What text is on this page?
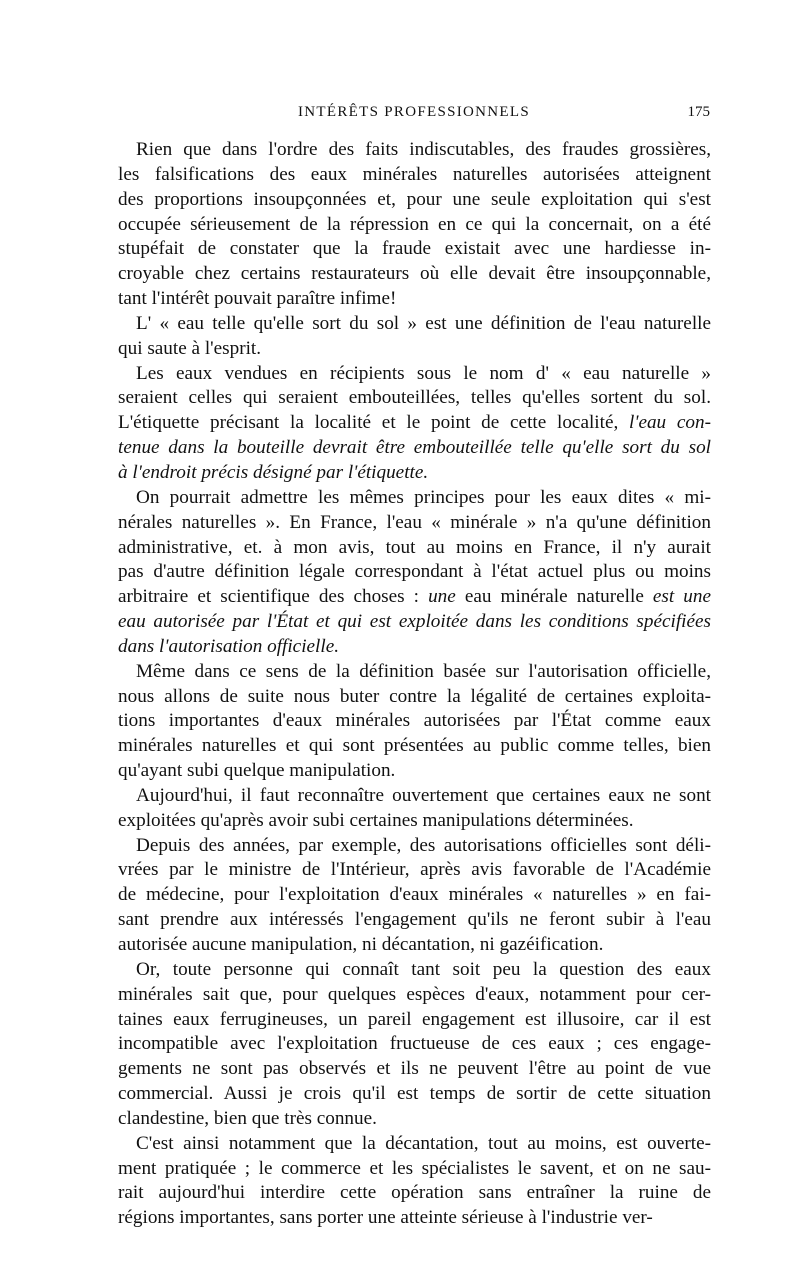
INTÉRÊTS PROFESSIONNELS	175

Rien que dans l'ordre des faits indiscutables, des fraudes grossières,
les falsifications des eaux minérales naturelles autorisées atteignent
des proportions insoupçonnées et, pour une seule exploitation qui s'est
occupée sérieusement de la répression en ce qui la concernait, on a été
stupéfait de constater que la fraude existait avec une hardiesse in-
croyable chez certains restaurateurs où elle devait être insoupçonnable,
tant l'intérêt pouvait paraître infime!

L' « eau telle qu'elle sort du sol » est une définition de l'eau naturelle
qui saute à l'esprit.

Les eaux vendues en récipients sous le nom d' « eau naturelle »
seraient celles qui seraient embouteillées, telles qu'elles sortent du sol.
L'étiquette précisant la localité et le point de cette localité, l'eau con-
tenue dans la bouteille devrait être embouteillée telle qu'elle sort du sol
à l'endroit précis désigné par l'étiquette.

On pourrait admettre les mêmes principes pour les eaux dites « mi-
nérales naturelles ». En France, l'eau « minérale » n'a qu'une définition
administrative, et. à mon avis, tout au moins en France, il n'y aurait
pas d'autre définition légale correspondant à l'état actuel plus ou moins
arbitraire et scientifique des choses : une eau minérale naturelle est une
eau autorisée par l'État et qui est exploitée dans les conditions spécifiées
dans l'autorisation officielle.

Même dans ce sens de la définition basée sur l'autorisation officielle,
nous allons de suite nous buter contre la légalité de certaines exploita-
tions importantes d'eaux minérales autorisées par l'État comme eaux
minérales naturelles et qui sont présentées au public comme telles, bien
qu'ayant subi quelque manipulation.

Aujourd'hui, il faut reconnaître ouvertement que certaines eaux ne sont
exploitées qu'après avoir subi certaines manipulations déterminées.

Depuis des années, par exemple, des autorisations officielles sont déli-
vrées par le ministre de l'Intérieur, après avis favorable de l'Académie
de médecine, pour l'exploitation d'eaux minérales « naturelles » en fai-
sant prendre aux intéressés l'engagement qu'ils ne feront subir à l'eau
autorisée aucune manipulation, ni décantation, ni gazéification.

Or, toute personne qui connaît tant soit peu la question des eaux
minérales sait que, pour quelques espèces d'eaux, notamment pour cer-
taines eaux ferrugineuses, un pareil engagement est illusoire, car il est
incompatible avec l'exploitation fructueuse de ces eaux ; ces engage-
gements ne sont pas observés et ils ne peuvent l'être au point de vue
commercial. Aussi je crois qu'il est temps de sortir de cette situation
clandestine, bien que très connue.

C'est ainsi notamment que la décantation, tout au moins, est ouverte-
ment pratiquée ; le commerce et les spécialistes le savent, et on ne sau-
rait aujourd'hui interdire cette opération sans entraîner la ruine de
régions importantes, sans porter une atteinte sérieuse à l'industrie ver-
